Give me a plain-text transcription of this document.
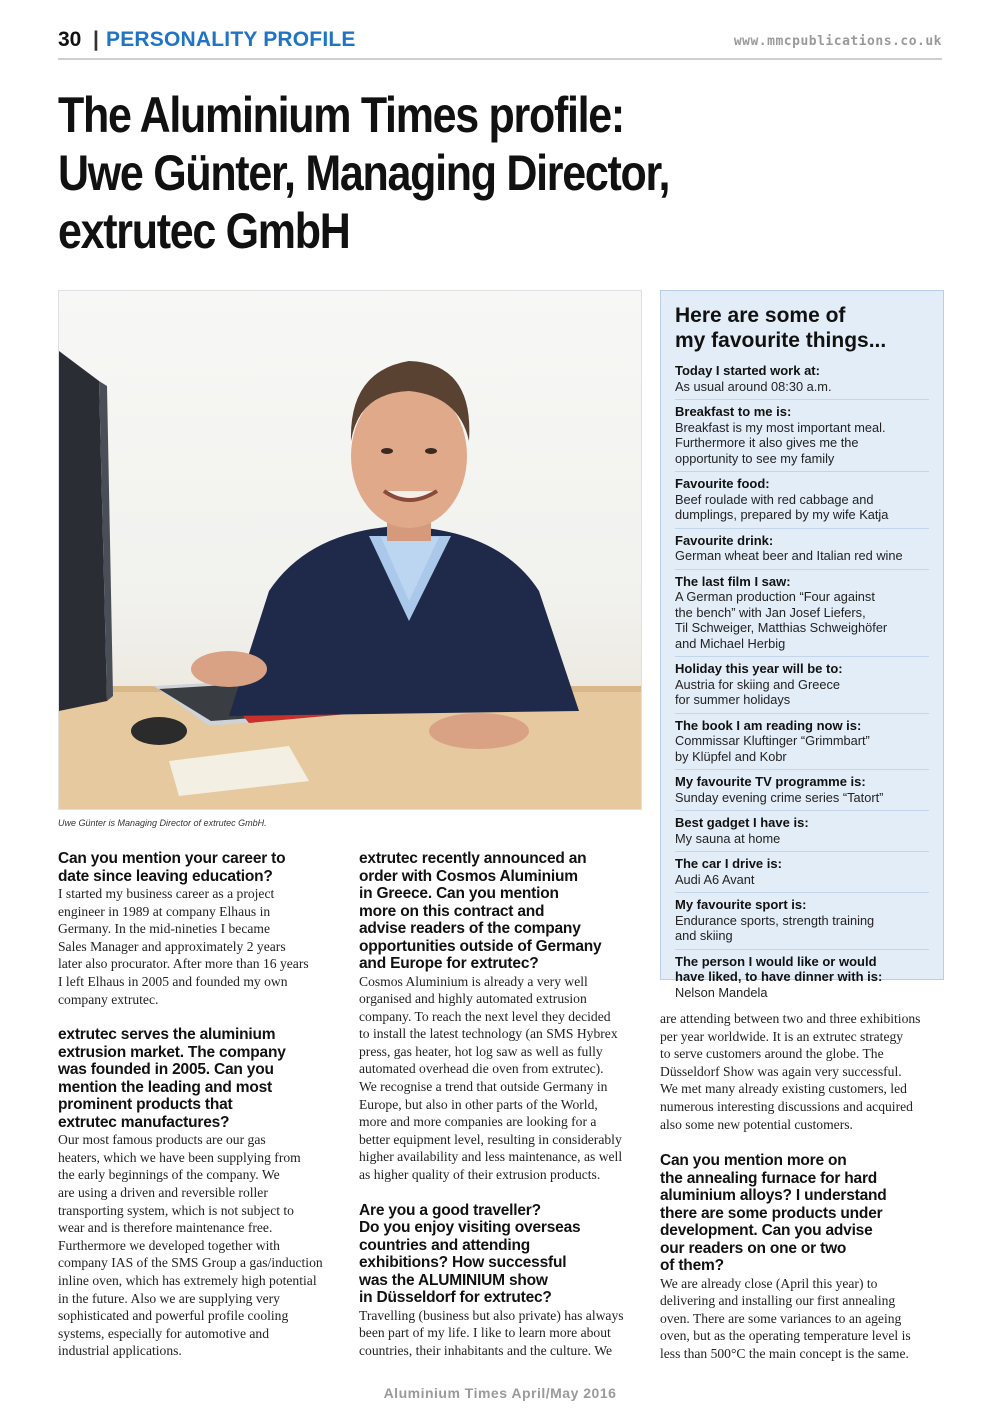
30 | PERSONALITY PROFILE	www.mmcpublications.co.uk
The Aluminium Times profile:
Uwe Günter, Managing Director,
extrutec GmbH
Uwe Günter is Managing Director of extrutec GmbH.
Here are some of
my favourite things...
Today I started work at:
As usual around 08:30 a.m.
Breakfast to me is:
Breakfast is my most important meal.
Furthermore it also gives me the
opportunity to see my family
Favourite food:
Beef roulade with red cabbage and
dumplings, prepared by my wife Katja
Favourite drink:
German wheat beer and Italian red wine
The last film I saw:
A German production “Four against
the bench” with Jan Josef Liefers,
Til Schweiger, Matthias Schweighöfer
and Michael Herbig
Holiday this year will be to:
Austria for skiing and Greece
for summer holidays
The book I am reading now is:
Commissar Kluftinger “Grimmbart”
by Klüpfel and Kobr
My favourite TV programme is:
Sunday evening crime series “Tatort”
Best gadget I have is:
My sauna at home
The car I drive is:
Audi A6 Avant
My favourite sport is:
Endurance sports, strength training
and skiing
The person I would like or would
have liked, to have dinner with is:
Nelson Mandela
Can you mention your career to
date since leaving education?
I started my business career as a project
engineer in 1989 at company Elhaus in
Germany. In the mid-nineties I became
Sales Manager and approximately 2 years
later also procurator. After more than 16 years
I left Elhaus in 2005 and founded my own
company extrutec.
extrutec serves the aluminium
extrusion market. The company
was founded in 2005. Can you
mention the leading and most
prominent products that
extrutec manufactures?
Our most famous products are our gas
heaters, which we have been supplying from
the early beginnings of the company. We
are using a driven and reversible roller
transporting system, which is not subject to
wear and is therefore maintenance free.
Furthermore we developed together with
company IAS of the SMS Group a gas/induction
inline oven, which has extremely high potential
in the future. Also we are supplying very
sophisticated and powerful profile cooling
systems, especially for automotive and
industrial applications.
extrutec recently announced an
order with Cosmos Aluminium
in Greece. Can you mention
more on this contract and
advise readers of the company
opportunities outside of Germany
and Europe for extrutec?
Cosmos Aluminium is already a very well
organised and highly automated extrusion
company. To reach the next level they decided
to install the latest technology (an SMS Hybrex
press, gas heater, hot log saw as well as fully
automated overhead die oven from extrutec).
We recognise a trend that outside Germany in
Europe, but also in other parts of the World,
more and more companies are looking for a
better equipment level, resulting in considerably
higher availability and less maintenance, as well
as higher quality of their extrusion products.
Are you a good traveller?
Do you enjoy visiting overseas
countries and attending
exhibitions? How successful
was the ALUMINIUM show
in Düsseldorf for extrutec?
Travelling (business but also private) has always
been part of my life. I like to learn more about
countries, their inhabitants and the culture. We
are attending between two and three exhibitions
per year worldwide. It is an extrutec strategy
to serve customers around the globe. The
Düsseldorf Show was again very successful.
We met many already existing customers, led
numerous interesting discussions and acquired
also some new potential customers.
Can you mention more on
the annealing furnace for hard
aluminium alloys? I understand
there are some products under
development. Can you advise
our readers on one or two
of them?
We are already close (April this year) to
delivering and installing our first annealing
oven. There are some variances to an ageing
oven, but as the operating temperature level is
less than 500°C the main concept is the same.
Aluminium Times April/May 2016
